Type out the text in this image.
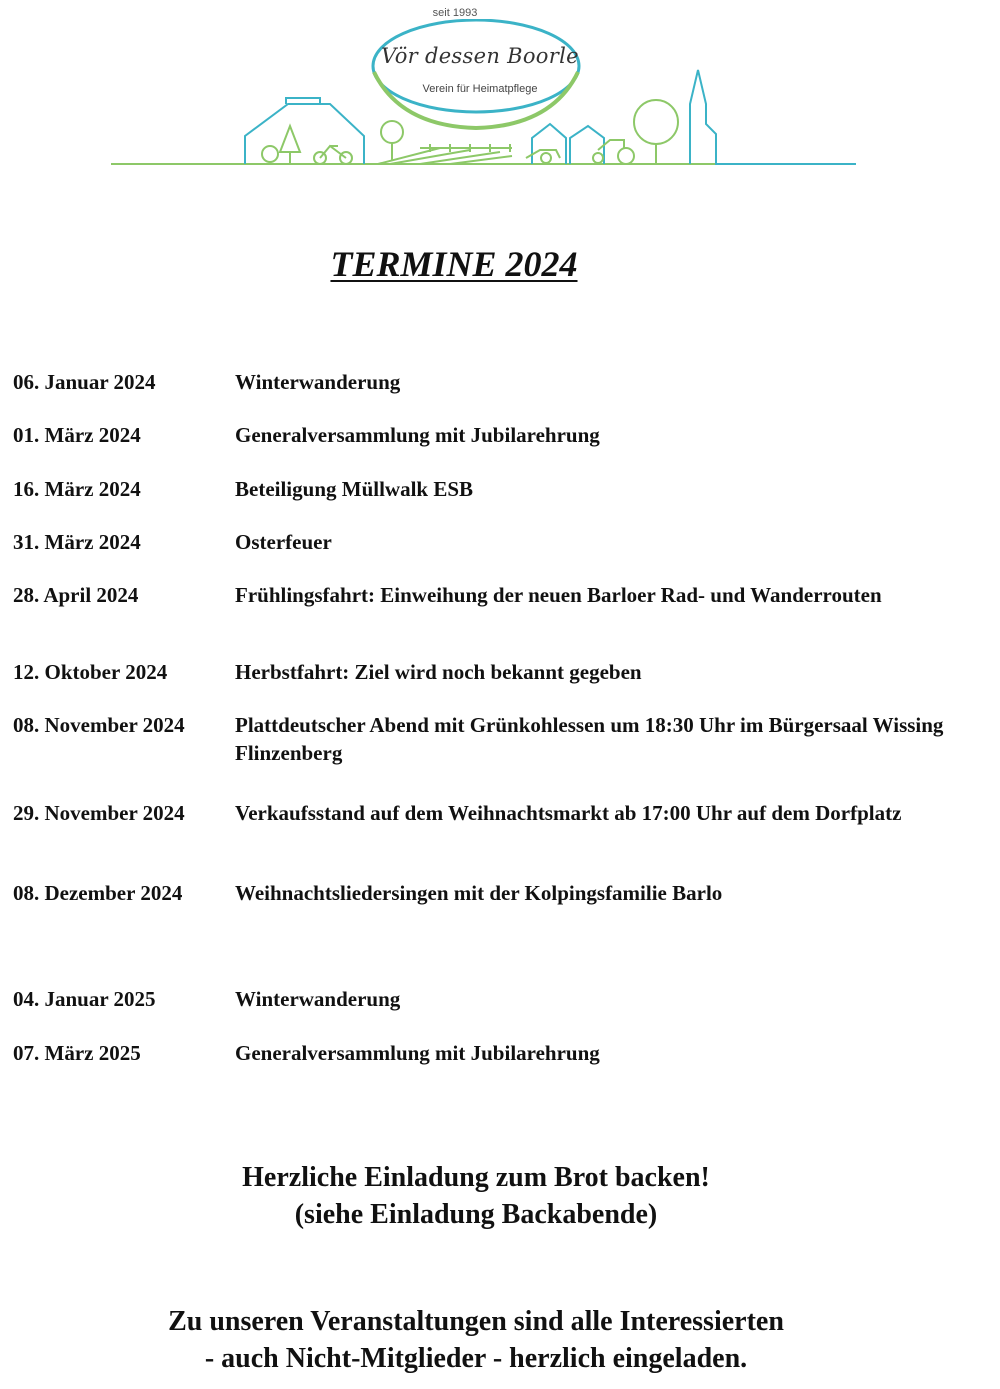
seit 1993
Vör dessen Boorle
Verein für Heimatpflege
TERMINE 2024
06. Januar 2024	Winterwanderung
01. März 2024	Generalversammlung mit Jubilarehrung
16. März 2024	Beteiligung Müllwalk ESB
31. März 2024	Osterfeuer
28. April 2024	Frühlingsfahrt: Einweihung der neuen Barloer Rad- und Wanderrouten
12. Oktober 2024	Herbstfahrt: Ziel wird noch bekannt gegeben
08. November 2024 Plattdeutscher Abend mit Grünkohlessen um 18:30 Uhr im Bürgersaal Wissing Flinzenberg
29. November 2024 Verkaufsstand auf dem Weihnachtsmarkt ab 17:00 Uhr auf dem Dorfplatz
08. Dezember 2024	Weihnachtsliedersingen mit der Kolpingsfamilie Barlo
04. Januar 2025	Winterwanderung
07. März 2025	Generalversammlung mit Jubilarehrung
Herzliche Einladung zum Brot backen!
(siehe Einladung Backabende)
Zu unseren Veranstaltungen sind alle Interessierten
- auch Nicht-Mitglieder - herzlich eingeladen.
